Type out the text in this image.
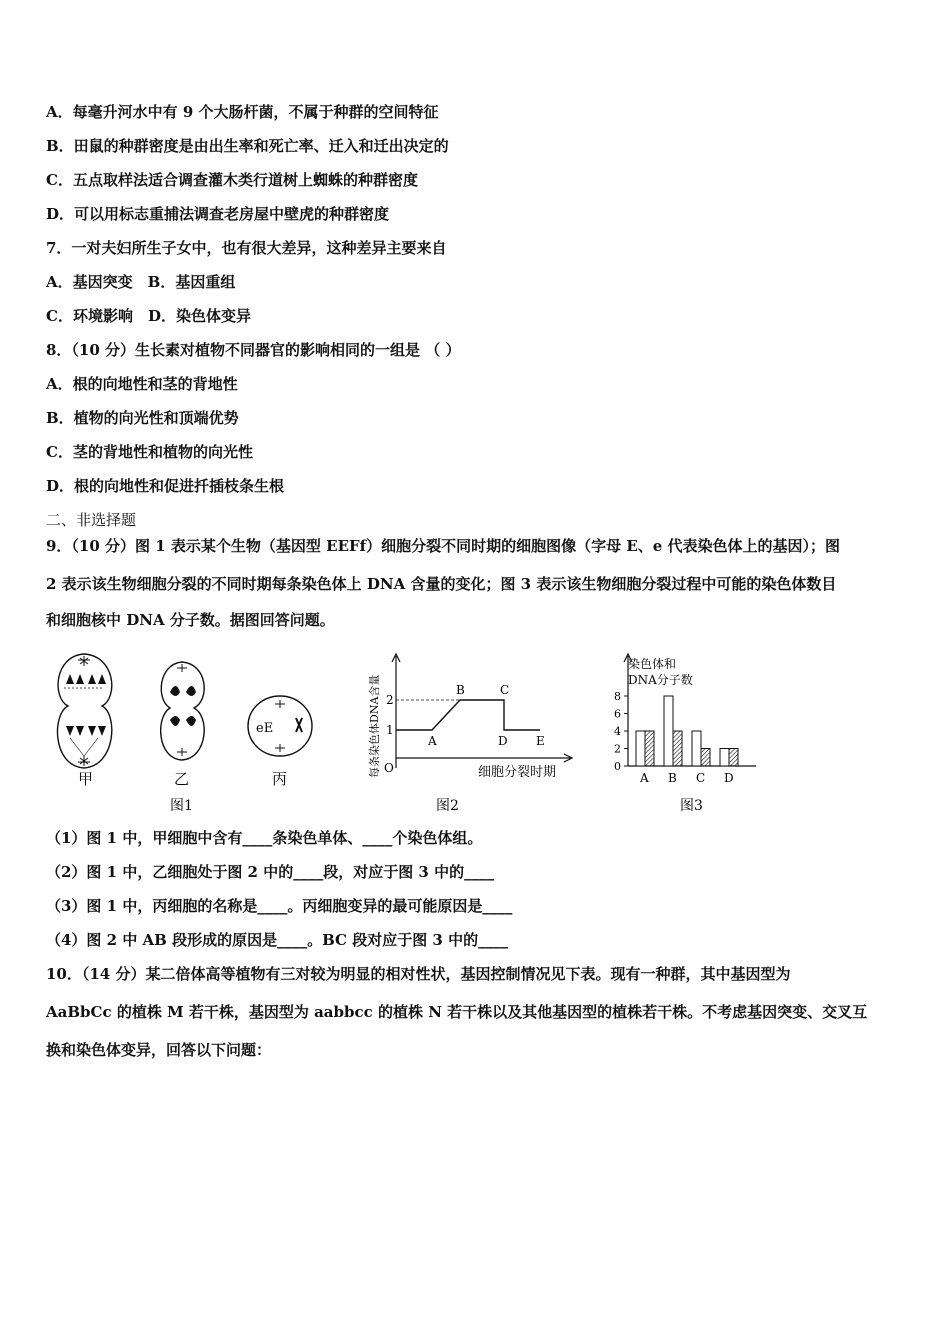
A．每毫升河水中有 9 个大肠杆菌，不属于种群的空间特征
B．田鼠的种群密度是由出生率和死亡率、迁入和迁出决定的
C．五点取样法适合调查灌木类行道树上蜘蛛的种群密度
D．可以用标志重捕法调查老房屋中壁虎的种群密度
7．一对夫妇所生子女中，也有很大差异，这种差异主要来自
A．基因突变　B．基因重组
C．环境影响　D．染色体变异
8．（10 分）生长素对植物不同器官的影响相同的一组是 （ ）
A．根的向地性和茎的背地性
B．植物的向光性和顶端优势
C．茎的背地性和植物的向光性
D．根的向地性和促进扦插枝条生根
二、非选择题
9．（10 分）图 1 表示某个生物（基因型 EEFf）细胞分裂不同时期的细胞图像（字母 E、e 代表染色体上的基因）；图
2 表示该生物细胞分裂的不同时期每条染色体上 DNA 含量的变化；图 3 表示该生物细胞分裂过程中可能的染色体数目
和细胞核中 DNA 分子数。据图回答问题。
甲	乙
eE
丙
图1
每条染色体DNA含量 O
1
2
A
B	C
D E
细胞分裂时期
图2
染色体和
DNA分子数
0
2
4
6
8
A B C D
图3
（1）图 1 中，甲细胞中含有____条染色单体、____个染色体组。
（2）图 1 中，乙细胞处于图 2 中的____段，对应于图 3 中的____
（3）图 1 中，丙细胞的名称是____。丙细胞变异的最可能原因是____
（4）图 2 中 AB 段形成的原因是____。BC 段对应于图 3 中的____
10．（14 分）某二倍体高等植物有三对较为明显的相对性状，基因控制情况见下表。现有一种群，其中基因型为
AaBbCc 的植株 M 若干株，基因型为 aabbcc 的植株 N 若干株以及其他基因型的植株若干株。不考虑基因突变、交叉互
换和染色体变异，回答以下问题：
